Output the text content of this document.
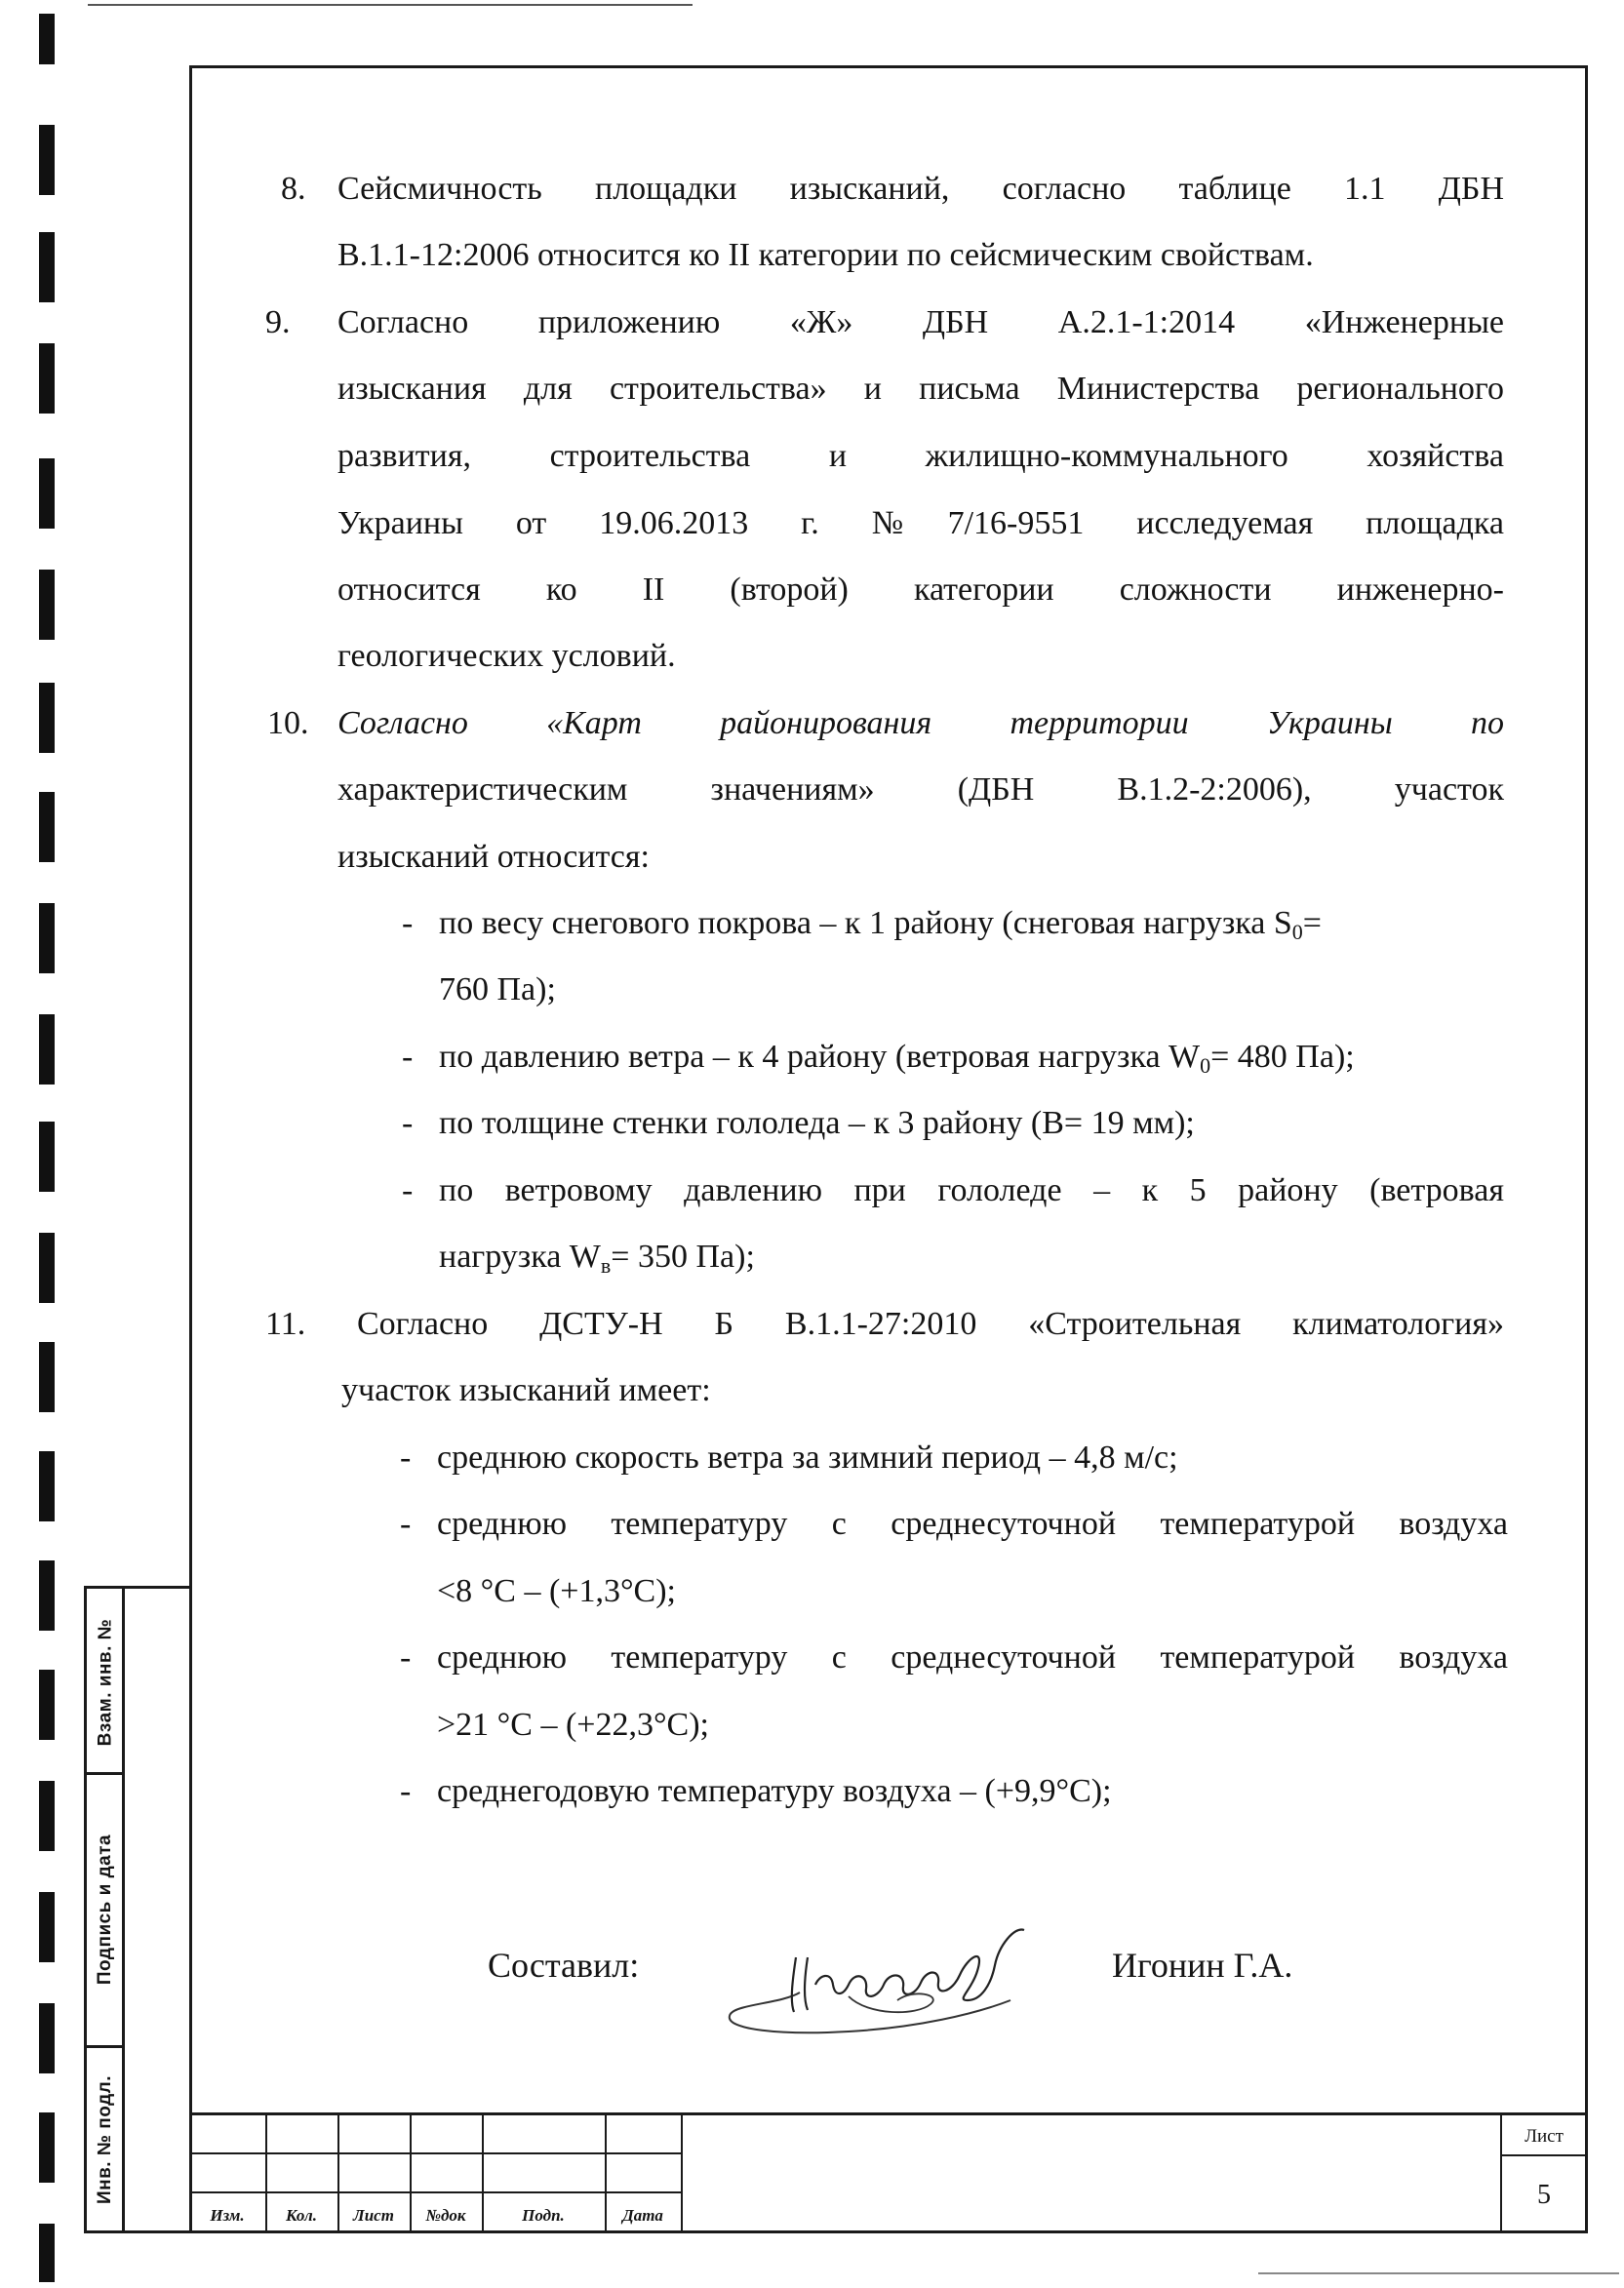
Взам. инв. №
Подпись и дата
Инв. № подл.
8. Сейсмичность площадки изысканий, согласно таблице 1.1 ДБН
В.1.1-12:2006 относится ко II категории по сейсмическим свойствам.
9. Согласно приложению «Ж» ДБН А.2.1-1:2014 «Инженерные
изыскания для строительства» и письма Министерства регионального
развития, строительства и жилищно-коммунального хозяйства
Украины от 19.06.2013 г. №7/16-9551 исследуемая площадка
относится ко II (второй) категории сложности инженерно-
геологических условий.
10. Согласно «Карт районирования территории Украины по
характеристическим значениям» (ДБН В.1.2-2:2006), участок
изысканий относится:
- по весу снегового покрова – к 1 району (снеговая нагрузка $S_0=$
760 Па);
- по давлению ветра – к 4 району (ветровая нагрузка $W_0= 480$ Па);
- по толщине стенки гололеда – к 3 району (B= 19 мм);
- по ветровому давлению при гололеде – к 5 району (ветровая
нагрузка $W_в= 350$ Па);
11. Согласно ДСТУ-Н Б В.1.1-27:2010 «Строительная климатология»
участок изысканий имеет:
- среднюю скорость ветра за зимний период – 4,8 м/с;
- среднюю температуру с среднесуточной температурой воздуха
<8 °С – (+1,3°С);
- среднюю температуру с среднесуточной температурой воздуха
>21 °С – (+22,3°С);
- среднегодовую температуру воздуха – (+9,9°С);
Составил:	Игонин Г.А.
Изм.	Кол.	Лист	№док	Подп.	Дата
Лист
5
